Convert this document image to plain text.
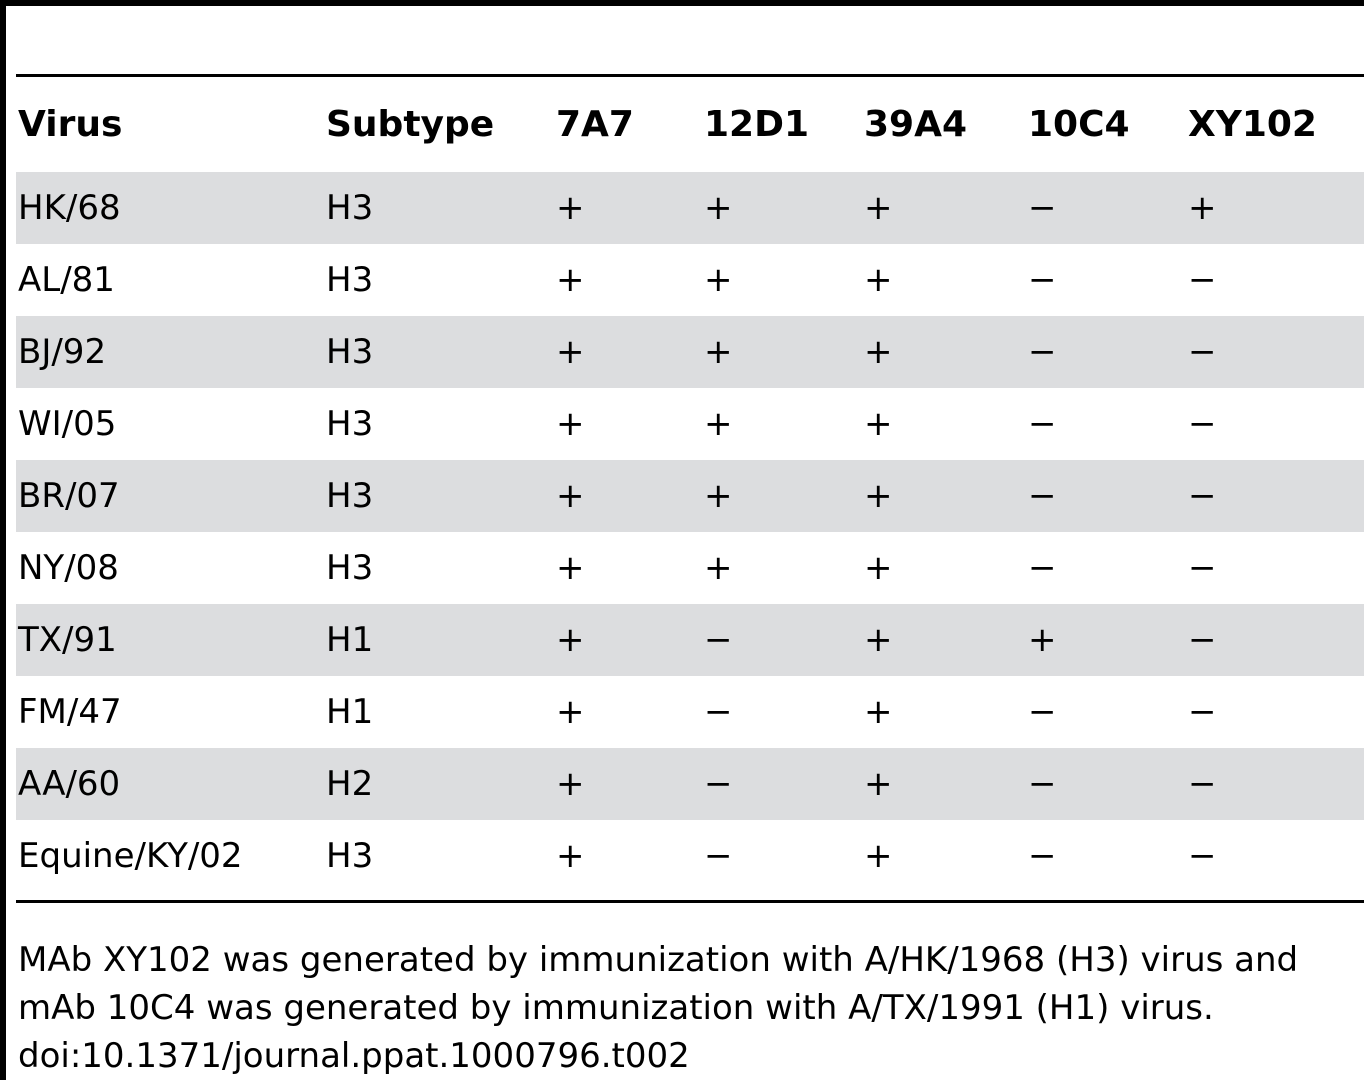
Virus	Subtype	7A7	12D1	39A4	10C4	XY102
HK/68	H3	+	+	+	−	+
AL/81	H3	+	+	+	−	−
BJ/92	H3	+	+	+	−	−
WI/05	H3	+	+	+	−	−
BR/07	H3	+	+	+	−	−
NY/08	H3	+	+	+	−	−
TX/91	H1	+	−	+	+	−
FM/47	H1	+	−	+	−	−
AA/60	H2	+	−	+	−	−
Equine/KY/02	H3	+	−	+	−	−

MAb XY102 was generated by immunization with A/HK/1968 (H3) virus and mAb 10C4 was generated by immunization with A/TX/1991 (H1) virus.

doi:10.1371/journal.ppat.1000796.t002
